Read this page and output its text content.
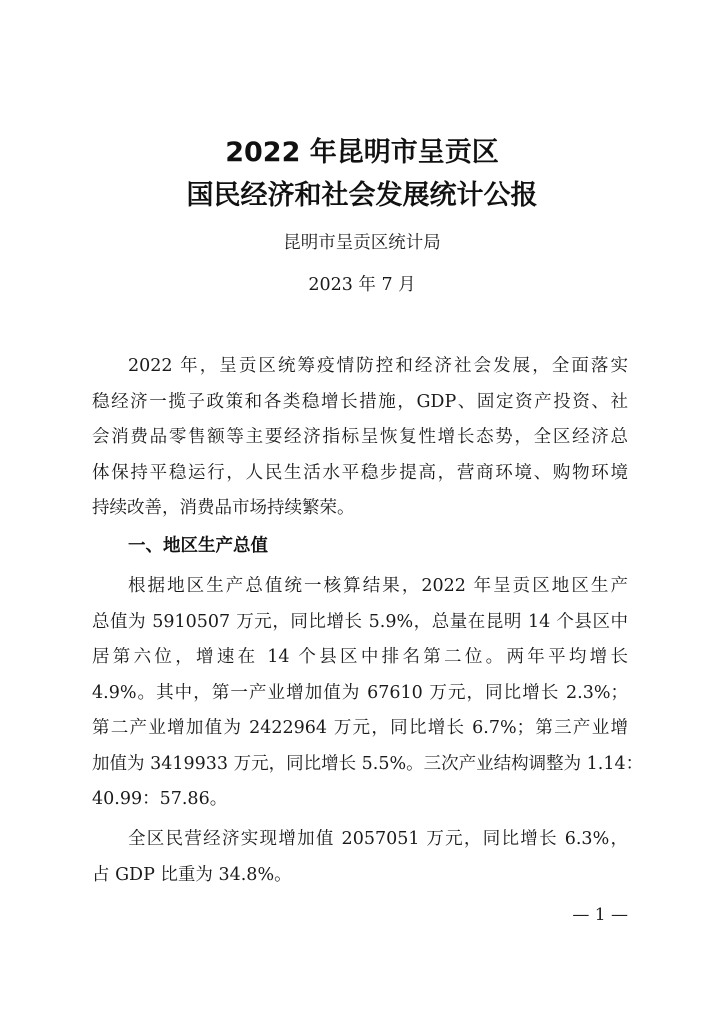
2022 年昆明市呈贡区
国民经济和社会发展统计公报
昆明市呈贡区统计局
2023 年 7 月
2022 年，呈贡区统筹疫情防控和经济社会发展，全面落实
稳经济一揽子政策和各类稳增长措施，GDP、固定资产投资、社
会消费品零售额等主要经济指标呈恢复性增长态势，全区经济总
体保持平稳运行，人民生活水平稳步提高，营商环境、购物环境
持续改善，消费品市场持续繁荣。
一、地区生产总值
根据地区生产总值统一核算结果，2022 年呈贡区地区生产
总值为 5910507 万元，同比增长 5.9%，总量在昆明 14 个县区中
居第六位，增速在 14 个县区中排名第二位。两年平均增长
4.9%。其中，第一产业增加值为 67610 万元，同比增长 2.3%；
第二产业增加值为 2422964 万元，同比增长 6.7%；第三产业增
加值为 3419933 万元，同比增长 5.5%。三次产业结构调整为 1.14：
40.99：57.86。
全区民营经济实现增加值 2057051 万元，同比增长 6.3%，
占 GDP 比重为 34.8%。
— 1 —
